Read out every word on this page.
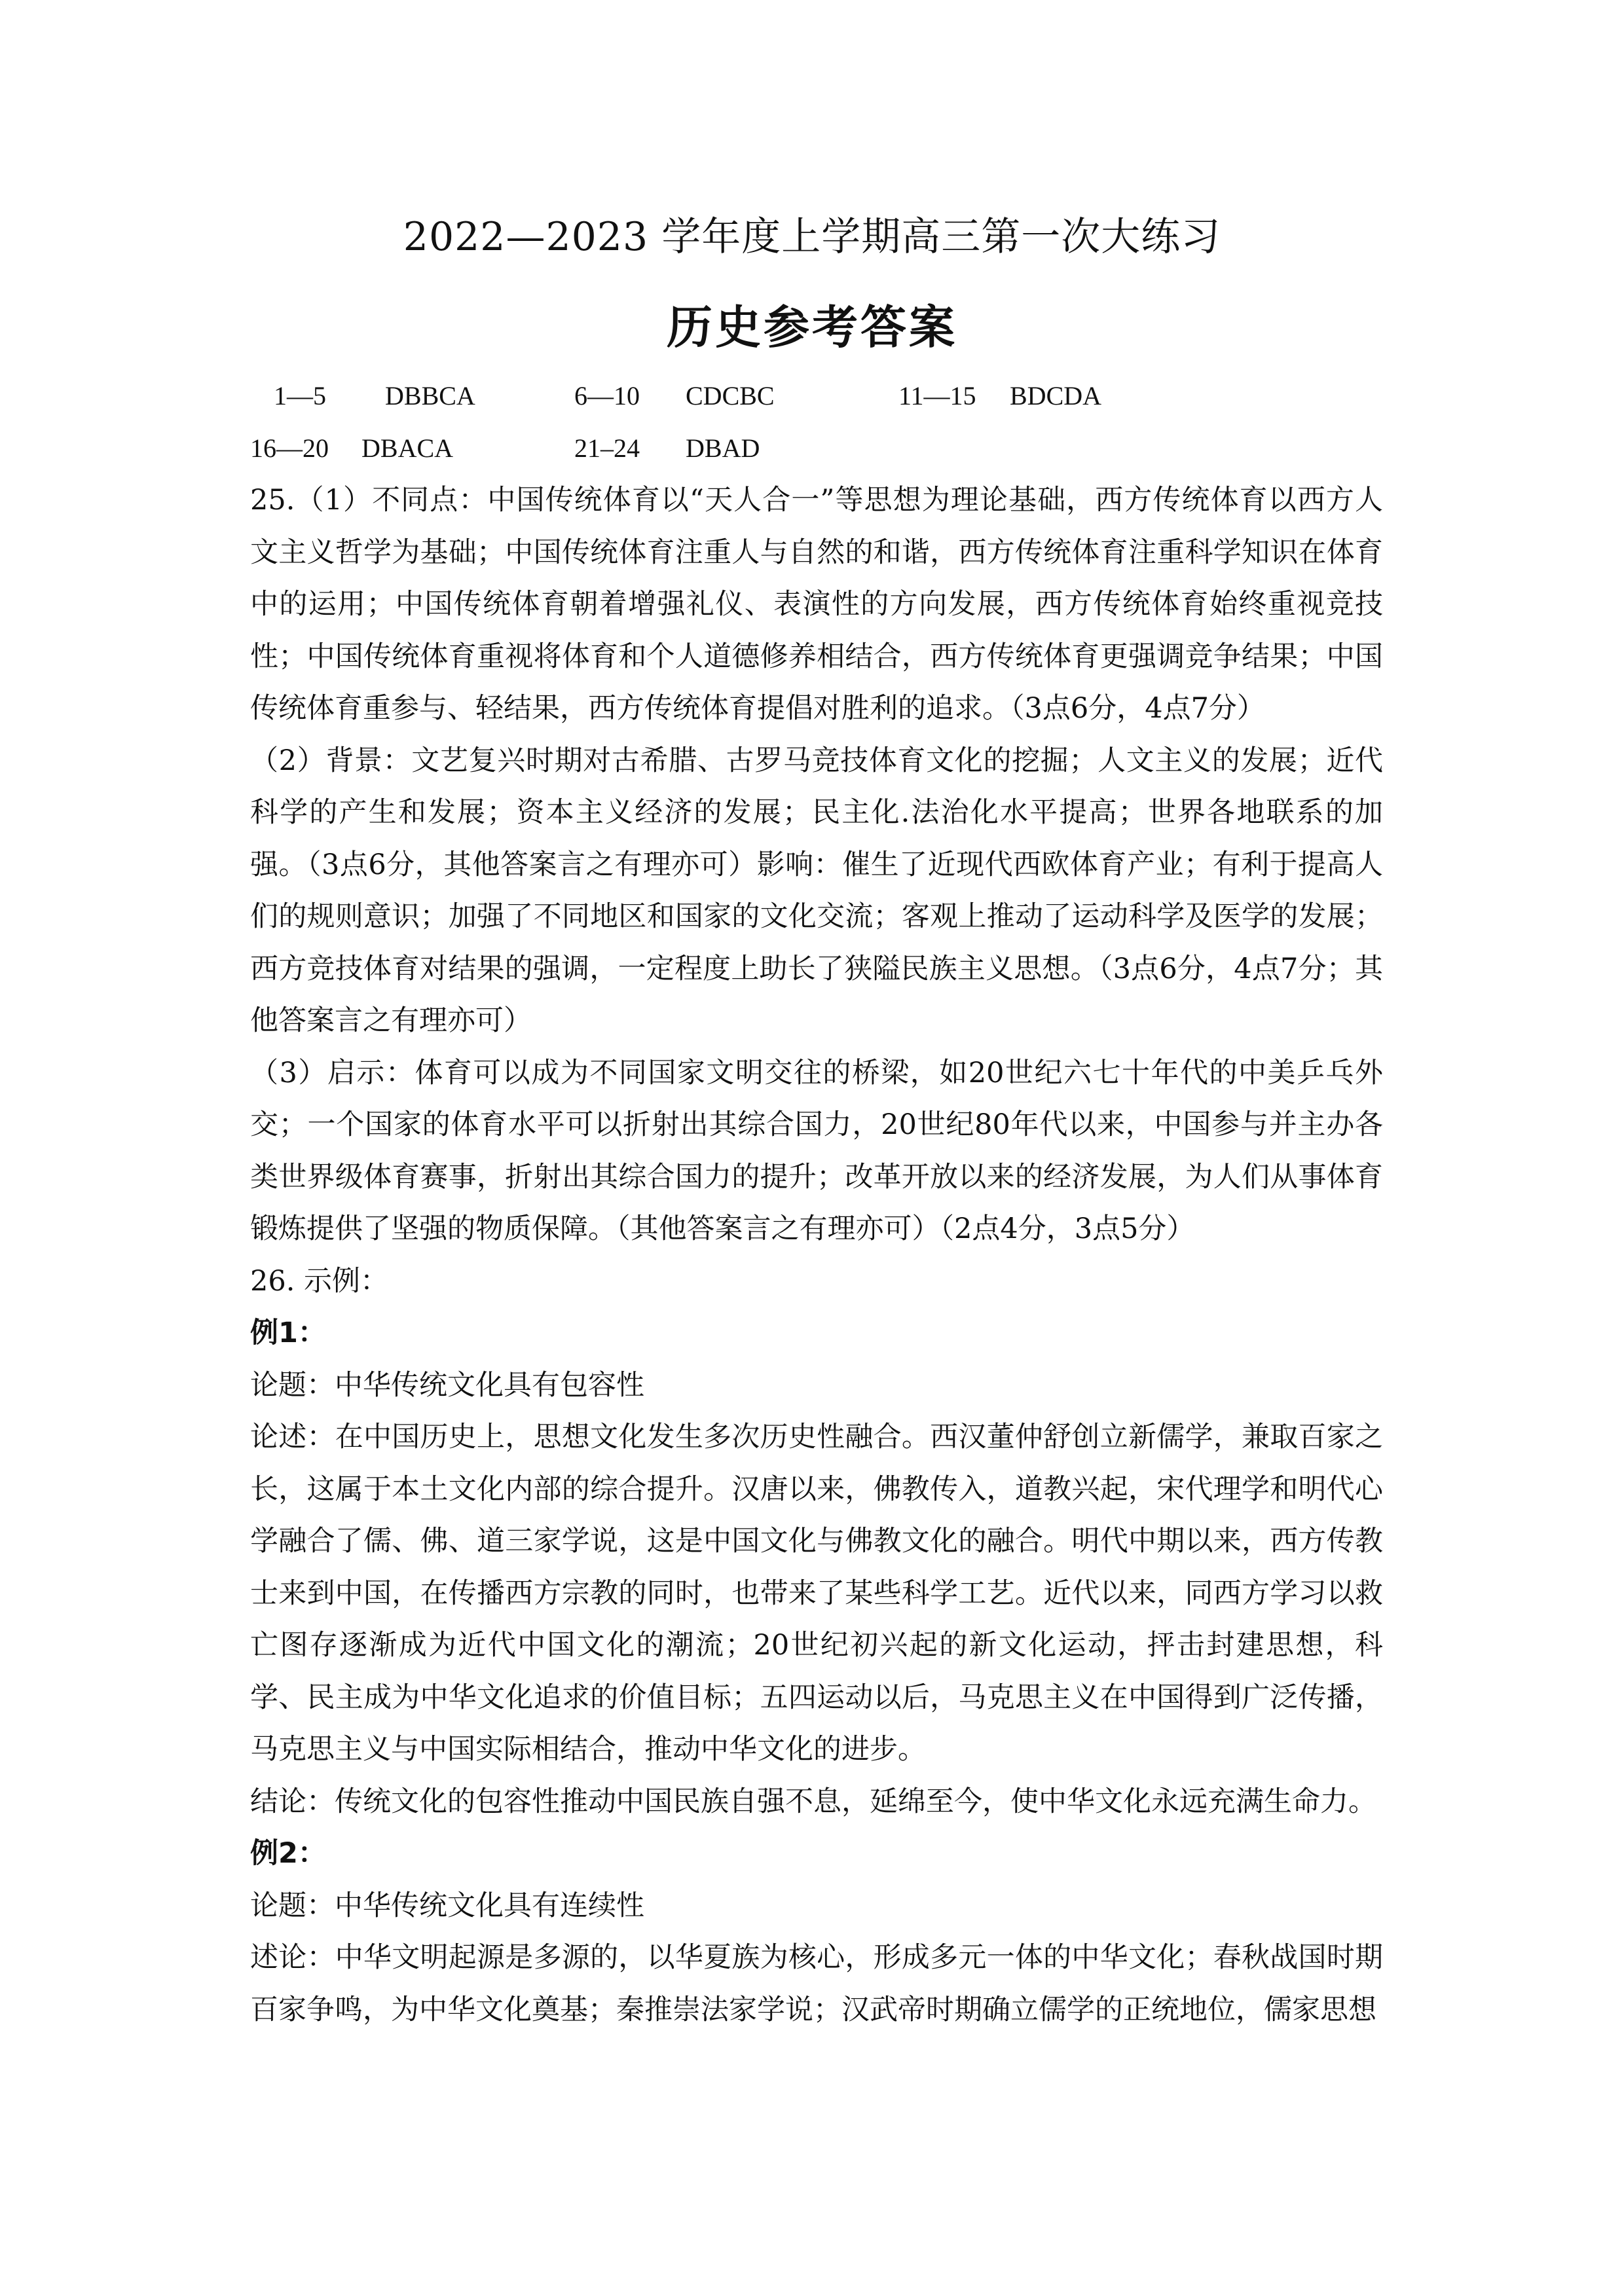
2022—2023 学年度上学期高三第一次大练习
历史参考答案
1—5	DBBCA	6—10	CDCBC	11—15	BDCDA
16—20	DBACA	21–24	DBAD

25.（1）不同点：中国传统体育以“天人合一”等思想为理论基础，西方传统体育以西方人文主义哲学为基础；中国传统体育注重人与自然的和谐，西方传统体育注重科学知识在体育中的运用；中国传统体育朝着增强礼仪、表演性的方向发展，西方传统体育始终重视竞技性；中国传统体育重视将体育和个人道德修养相结合，西方传统体育更强调竞争结果；中国传统体育重参与、轻结果，西方传统体育提倡对胜利的追求。（3点6分，4点7分）

（2）背景：文艺复兴时期对古希腊、古罗马竞技体育文化的挖掘；人文主义的发展；近代科学的产生和发展；资本主义经济的发展；民主化.法治化水平提高；世界各地联系的加强。（3点6分，其他答案言之有理亦可）影响：催生了近现代西欧体育产业；有利于提高人们的规则意识；加强了不同地区和国家的文化交流；客观上推动了运动科学及医学的发展；西方竞技体育对结果的强调，一定程度上助长了狭隘民族主义思想。（3点6分，4点7分；其他答案言之有理亦可）

（3）启示：体育可以成为不同国家文明交往的桥梁，如20世纪六七十年代的中美乒乓外交；一个国家的体育水平可以折射出其综合国力，20世纪80年代以来，中国参与并主办各类世界级体育赛事，折射出其综合国力的提升；改革开放以来的经济发展，为人们从事体育锻炼提供了坚强的物质保障。（其他答案言之有理亦可）（2点4分，3点5分）

26. 示例：

例1：

论题：中华传统文化具有包容性

论述：在中国历史上，思想文化发生多次历史性融合。西汉董仲舒创立新儒学，兼取百家之长，这属于本土文化内部的综合提升。汉唐以来，佛教传入，道教兴起，宋代理学和明代心学融合了儒、佛、道三家学说，这是中国文化与佛教文化的融合。明代中期以来，西方传教士来到中国，在传播西方宗教的同时，也带来了某些科学工艺。近代以来，同西方学习以救亡图存逐渐成为近代中国文化的潮流；20世纪初兴起的新文化运动，抨击封建思想，科学、民主成为中华文化追求的价值目标；五四运动以后，马克思主义在中国得到广泛传播，马克思主义与中国实际相结合，推动中华文化的进步。

结论：传统文化的包容性推动中国民族自强不息，延绵至今，使中华文化永远充满生命力。

例2：

论题：中华传统文化具有连续性

述论：中华文明起源是多源的，以华夏族为核心，形成多元一体的中华文化；春秋战国时期百家争鸣，为中华文化奠基；秦推崇法家学说；汉武帝时期确立儒学的正统地位，儒家思想
